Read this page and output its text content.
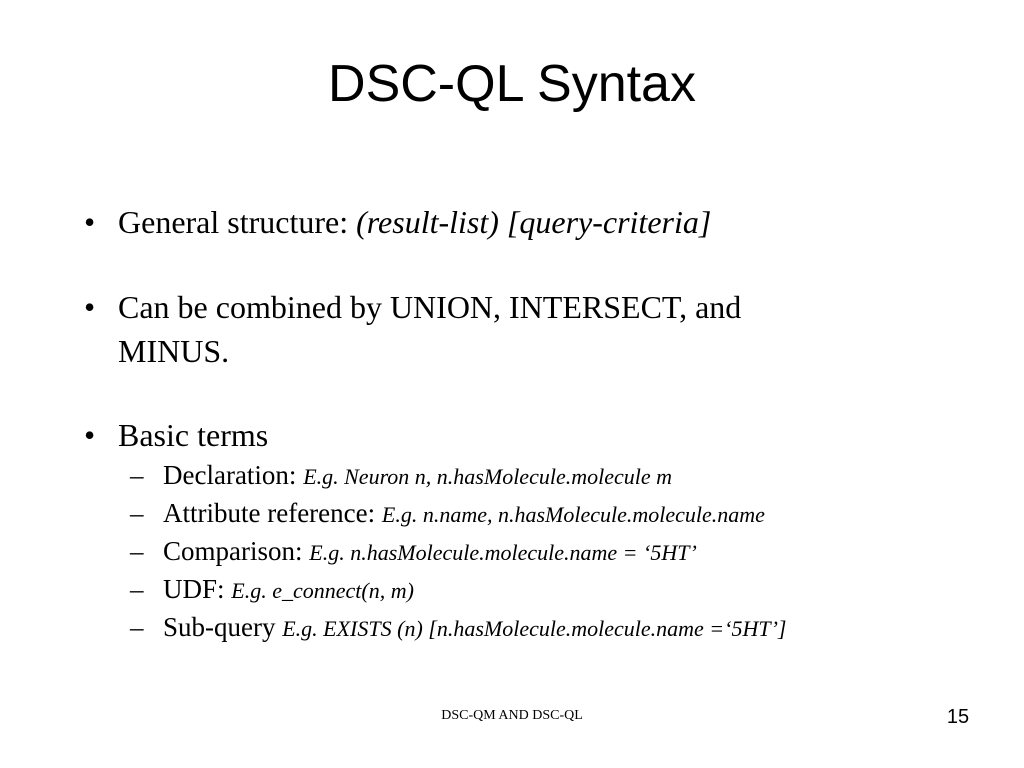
DSC-QL Syntax
• General structure: (result-list) [query-criteria]
• Can be combined by UNION, INTERSECT, and
MINUS.
• Basic terms
– Declaration: E.g. Neuron n, n.hasMolecule.molecule m
– Attribute reference: E.g. n.name, n.hasMolecule.molecule.name
– Comparison: E.g. n.hasMolecule.molecule.name = ‘5HT’
– UDF: E.g. e_connect(n, m)
– Sub-query E.g. EXISTS (n) [n.hasMolecule.molecule.name =‘5HT’]
DSC-QM AND DSC-QL	15
